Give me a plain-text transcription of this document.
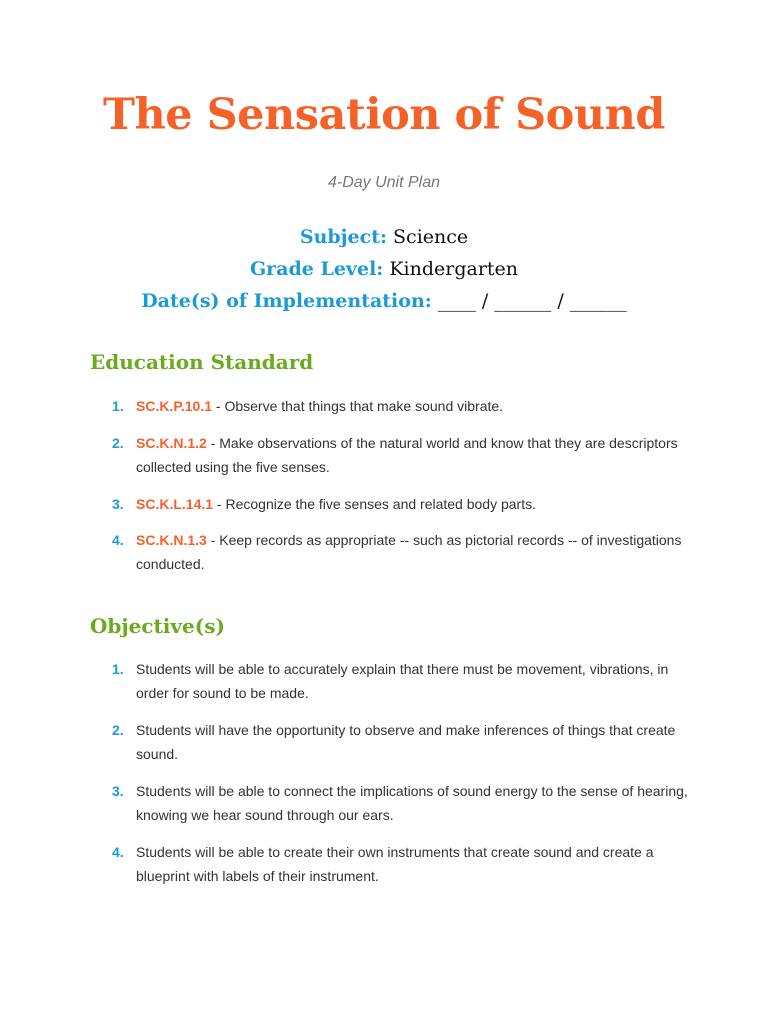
The Sensation of Sound
4-Day Unit Plan
Subject: Science
Grade Level: Kindergarten
Date(s) of Implementation: ____ / ______ / ______
Education Standard
1. SC.K.P.10.1 - Observe that things that make sound vibrate.
2. SC.K.N.1.2 - Make observations of the natural world and know that they are descriptors collected using the five senses.
3. SC.K.L.14.1 - Recognize the five senses and related body parts.
4. SC.K.N.1.3 - Keep records as appropriate -- such as pictorial records -- of investigations conducted.
Objective(s)
1. Students will be able to accurately explain that there must be movement, vibrations, in order for sound to be made.
2. Students will have the opportunity to observe and make inferences of things that create sound.
3. Students will be able to connect the implications of sound energy to the sense of hearing, knowing we hear sound through our ears.
4. Students will be able to create their own instruments that create sound and create a blueprint with labels of their instrument.
